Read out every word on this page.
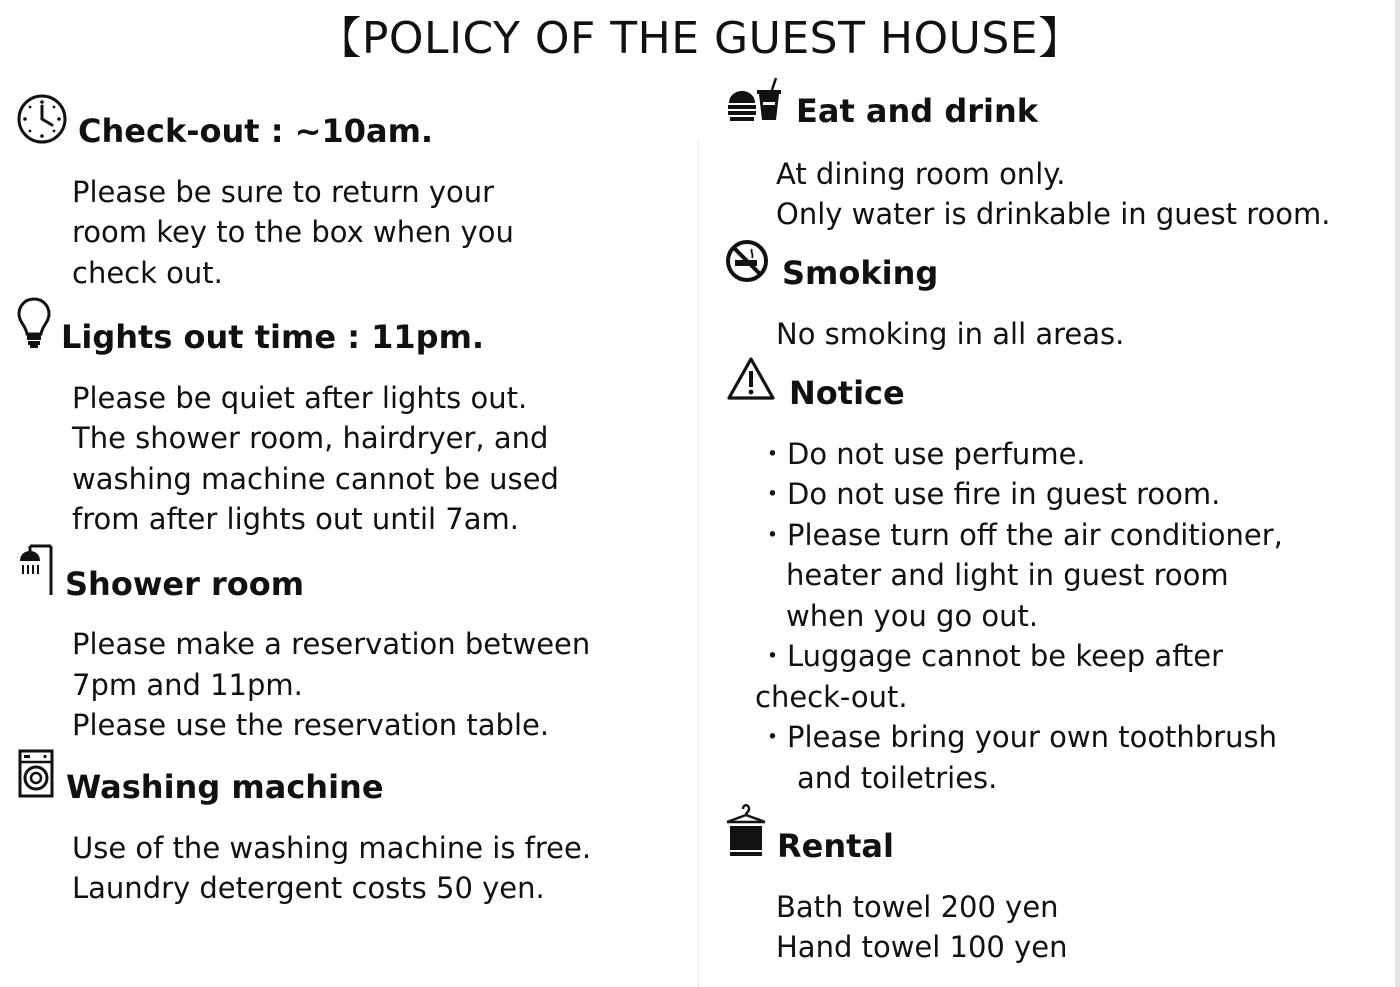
【POLICY OF THE GUEST HOUSE】
Check-out : ~10am.
Please be sure to return your
room key to the box when you
check out.
Lights out time : 11pm.
Please be quiet after lights out.
The shower room, hairdryer, and
washing machine cannot be used
from after lights out until 7am.
Shower room
Please make a reservation between
7pm and 11pm.
Please use the reservation table.
Washing machine
Use of the washing machine is free.
Laundry detergent costs 50 yen.
Eat and drink
At dining room only.
Only water is drinkable in guest room.
Smoking
No smoking in all areas.
Notice
・Do not use perfume.
・Do not use fire in guest room.
・Please turn off the air conditioner,
heater and light in guest room
when you go out.
・Luggage cannot be keep after
check-out.
・Please bring your own toothbrush
and toiletries.
Rental
Bath towel 200 yen
Hand towel 100 yen
